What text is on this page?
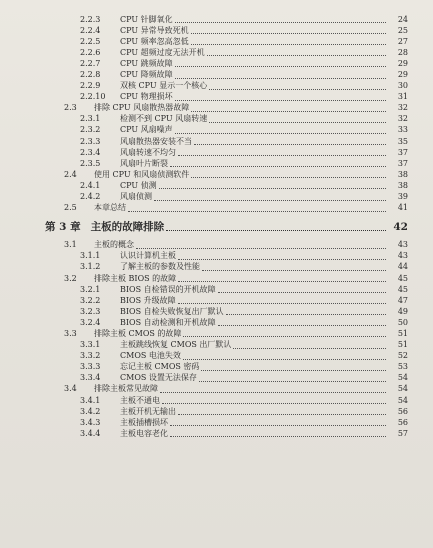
2.2.3	CPU 针脚氧化	24
2.2.4	CPU 异常导致死机	25
2.2.5	CPU 频率忽高忽低	27
2.2.6	CPU 超频过度无法开机	28
2.2.7	CPU 跳频故障	29
2.2.8	CPU 降频故障	29
2.2.9	双核 CPU 显示一个核心	30
2.2.10	CPU 物理损坏	31
2.3	排除 CPU 风扇散热器故障	32
2.3.1	检测不到 CPU 风扇转速	32
2.3.2	CPU 风扇噪声	33
2.3.3	风扇散热器安装不当	35
2.3.4	风扇转速不均匀	37
2.3.5	风扇叶片断裂	37
2.4	使用 CPU 和风扇侦测软件	38
2.4.1	CPU 侦测	38
2.4.2	风扇侦测	39
2.5	本章总结	41
第 3 章 主板的故障排除	42
3.1	主板的概念	43
3.1.1	认识计算机主板	43
3.1.2	了解主板的参数及性能	44
3.2	排除主板 BIOS 的故障	45
3.2.1	BIOS 自检错误的开机故障	45
3.2.2	BIOS 升级故障	47
3.2.3	BIOS 自检失败恢复出厂默认	49
3.2.4	BIOS 自动检测和开机故障	50
3.3	排除主板 CMOS 的故障	51
3.3.1	主板跳线恢复 CMOS 出厂默认	51
3.3.2	CMOS 电池失效	52
3.3.3	忘记主板 CMOS 密码	53
3.3.4	CMOS 设置无法保存	54
3.4	排除主板常见故障	54
3.4.1	主板不通电	54
3.4.2	主板开机无输出	56
3.4.3	主板插槽损坏	56
3.4.4	主板电容老化	57
